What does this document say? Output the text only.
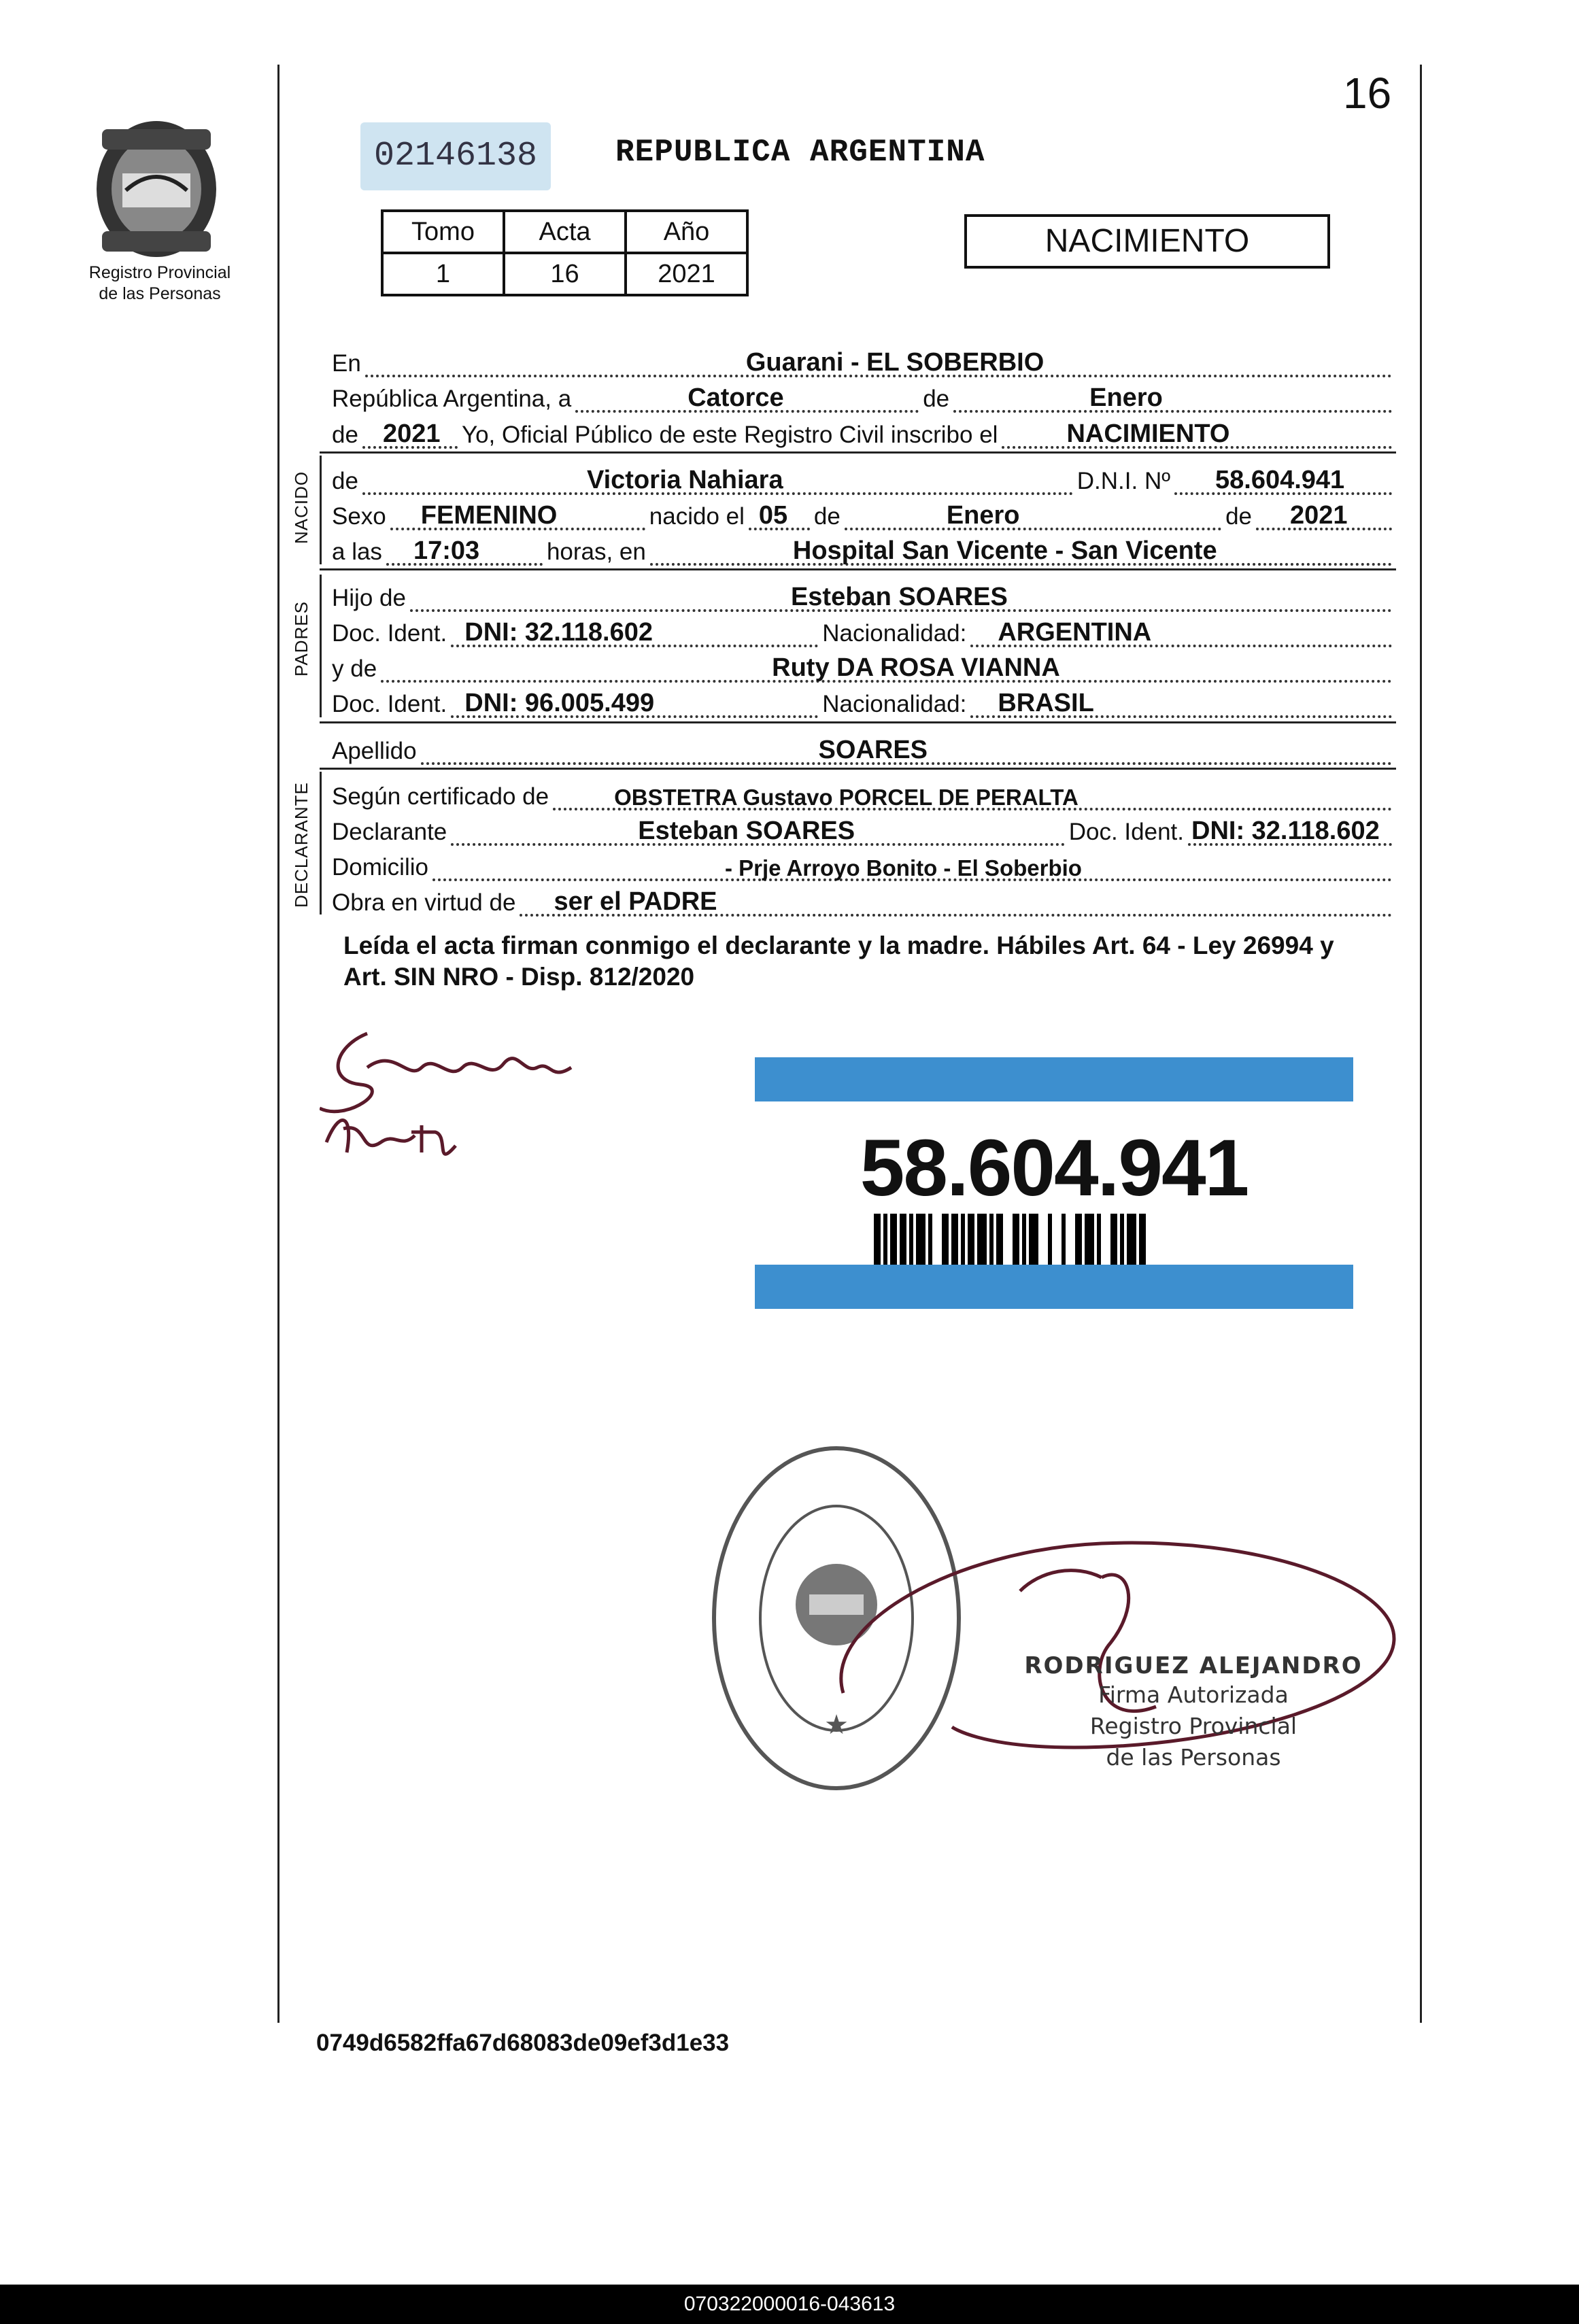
16
Registro Provincial
de las Personas
02146138	REPUBLICA ARGENTINA
Tomo	Acta	Año
1	16	2021
NACIMIENTO
En	Guarani - EL SOBERBIO
República Argentina, a	Catorce	de	Enero
de 2021 Yo, Oficial Público de este Registro Civil inscribo el	NACIMIENTO
NACIDO de	Victoria Nahiara	D.N.I. Nº 58.604.941
Sexo FEMENINO	nacido el 05 de	Enero	de 2021
a las 17:03	horas, en	Hospital San Vicente - San Vicente
PADRES
Hijo de	Esteban SOARES
Doc. Ident. DNI: 32.118.602	Nacionalidad: ARGENTINA
y de	Ruty DA ROSA VIANNA
Doc. Ident. DNI: 96.005.499	Nacionalidad: BRASIL
Apellido	SOARES
DECLARANTE Según certificado de	OBSTETRA Gustavo PORCEL DE PERALTA
Declarante	Esteban SOARES	Doc. Ident. DNI: 32.118.602
Domicilio	- Prje Arroyo Bonito - El Soberbio
Obra en virtud de ser el PADRE
Leída el acta firman conmigo el declarante y la madre. Hábiles Art. 64 - Ley 26994 y Art. SIN NRO - Disp. 812/2020
58.604.941
★
RODRIGUEZ ALEJANDRO
Firma Autorizada
Registro Provincial
de las Personas
0749d6582ffa67d68083de09ef3d1e33
070322000016-043613
